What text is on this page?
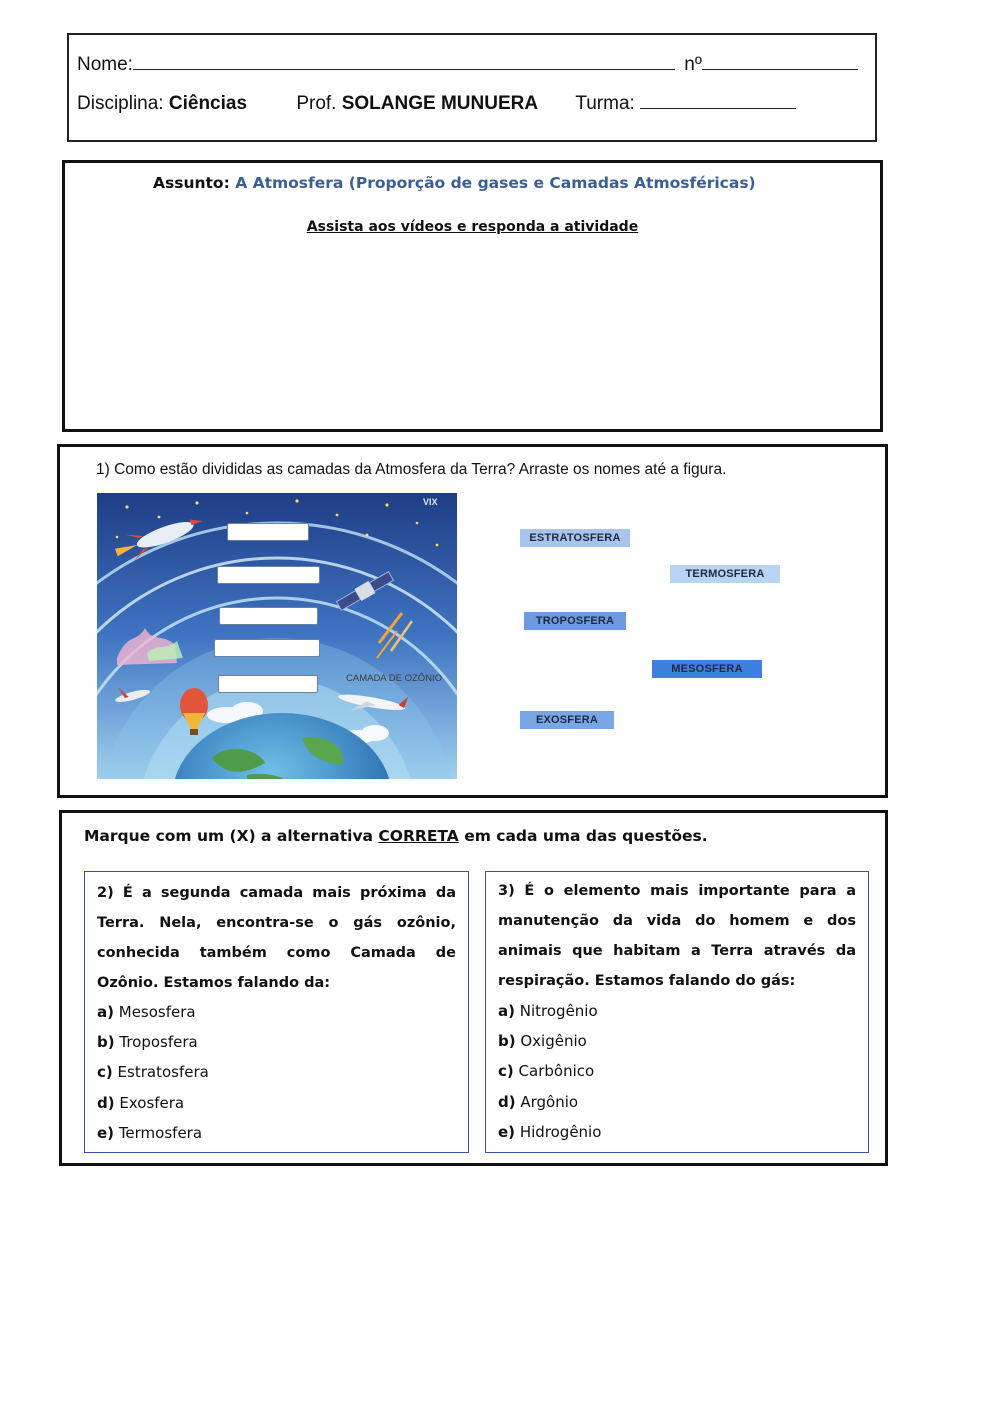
Nome:	nº
Disciplina: Ciências	Prof. SOLANGE MUNUERA Turma:
Assunto: A Atmosfera (Proporção de gases e Camadas Atmosféricas)
Assista aos vídeos e responda a atividade
1) Como estão divididas as camadas da Atmosfera da Terra? Arraste os nomes até a figura.
VIX
CAMADA DE OZÔNIO
ESTRATOSFERA
TERMOSFERA
TROPOSFERA
MESOSFERA
EXOSFERA
Marque com um (X) a alternativa CORRETA em cada uma das questões.
2) É a segunda camada mais próxima da Terra. Nela, encontra-se o gás ozônio, conhecida também como Camada de Ozônio. Estamos falando da:
a) Mesosfera
b) Troposfera
c) Estratosfera
d) Exosfera
e) Termosfera
3) É o elemento mais importante para a manutenção da vida do homem e dos animais que habitam a Terra através da respiração. Estamos falando do gás:
a) Nitrogênio
b) Oxigênio
c) Carbônico
d) Argônio
e) Hidrogênio
